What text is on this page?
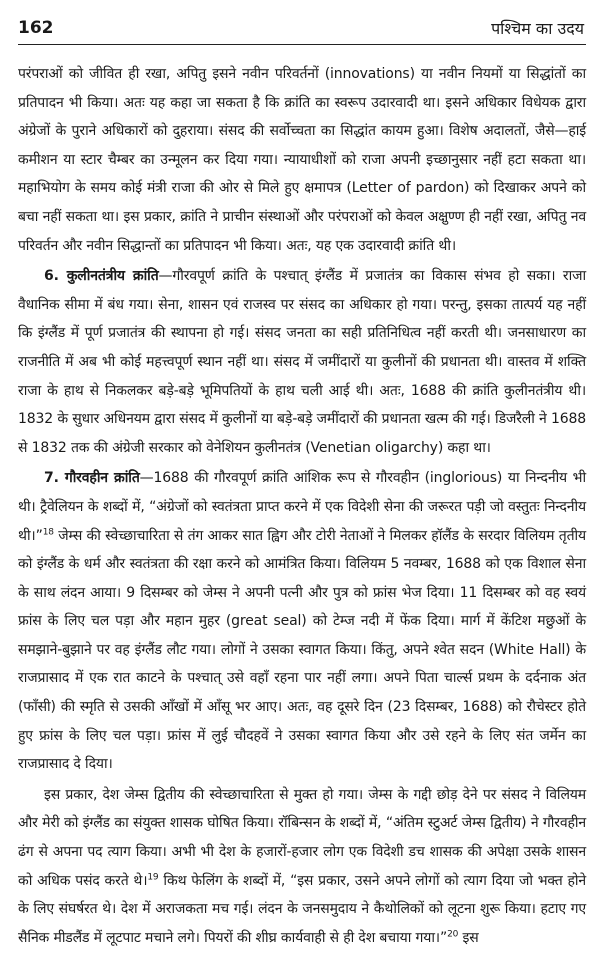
162	पश्चिम का उदय

परंपराओं को जीवित ही रखा, अपितु इसने नवीन परिवर्तनों (innovations) या नवीन नियमों या सिद्धांतों का प्रतिपादन भी किया। अतः यह कहा जा सकता है कि क्रांति का स्वरूप उदारवादी था। इसने अधिकार विधेयक द्वारा अंग्रेजों के पुराने अधिकारों को दुहराया। संसद की सर्वोच्चता का सिद्धांत कायम हुआ। विशेष अदालतों, जैसे—हाई कमीशन या स्टार चैम्बर का उन्मूलन कर दिया गया। न्यायाधीशों को राजा अपनी इच्छानुसार नहीं हटा सकता था। महाभियोग के समय कोई मंत्री राजा की ओर से मिले हुए क्षमापत्र (Letter of pardon) को दिखाकर अपने को बचा नहीं सकता था। इस प्रकार, क्रांति ने प्राचीन संस्थाओं और परंपराओं को केवल अक्षुण्ण ही नहीं रखा, अपितु नव परिवर्तन और नवीन सिद्धान्तों का प्रतिपादन भी किया। अतः, यह एक उदारवादी क्रांति थी।

6. कुलीनतंत्रीय क्रांति—गौरवपूर्ण क्रांति के पश्चात् इंग्लैंड में प्रजातंत्र का विकास संभव हो सका। राजा वैधानिक सीमा में बंध गया। सेना, शासन एवं राजस्व पर संसद का अधिकार हो गया। परन्तु, इसका तात्पर्य यह नहीं कि इंग्लैंड में पूर्ण प्रजातंत्र की स्थापना हो गई। संसद जनता का सही प्रतिनिधित्व नहीं करती थी। जनसाधारण का राजनीति में अब भी कोई महत्त्वपूर्ण स्थान नहीं था। संसद में जमींदारों या कुलीनों की प्रधानता थी। वास्तव में शक्ति राजा के हाथ से निकलकर बड़े-बड़े भूमिपतियों के हाथ चली आई थी। अतः, 1688 की क्रांति कुलीनतंत्रीय थी। 1832 के सुधार अधिनयम द्वारा संसद में कुलीनों या बड़े-बड़े जमींदारों की प्रधानता खत्म की गई। डिजरैली ने 1688 से 1832 तक की अंग्रेजी सरकार को वेनेशियन कुलीनतंत्र (Venetian oligarchy) कहा था।

7. गौरवहीन क्रांति—1688 की गौरवपूर्ण क्रांति आंशिक रूप से गौरवहीन (inglorious) या निन्दनीय भी थी। ट्रैवेलियन के शब्दों में, “अंग्रेजों को स्वतंत्रता प्राप्त करने में एक विदेशी सेना की जरूरत पड़ी जो वस्तुतः निन्दनीय थी।”$^{18}$ जेम्स की स्वेच्छाचारिता से तंग आकर सात ह्विग और टोरी नेताओं ने मिलकर हॉलैंड के सरदार विलियम तृतीय को इंग्लैंड के धर्म और स्वतंत्रता की रक्षा करने को आमंत्रित किया। विलियम 5 नवम्बर, 1688 को एक विशाल सेना के साथ लंदन आया। 9 दिसम्बर को जेम्स ने अपनी पत्नी और पुत्र को फ्रांस भेज दिया। 11 दिसम्बर को वह स्वयं फ्रांस के लिए चल पड़ा और महान मुहर (great seal) को टेम्ज नदी में फेंक दिया। मार्ग में केंटिश मछुओं के समझाने-बुझाने पर वह इंग्लैंड लौट गया। लोगों ने उसका स्वागत किया। किंतु, अपने श्वेत सदन (White Hall) के राजप्रासाद में एक रात काटने के पश्चात् उसे वहाँ रहना पार नहीं लगा। अपने पिता चार्ल्स प्रथम के दर्दनाक अंत (फाँसी) की स्मृति से उसकी आँखों में आँसू भर आए। अतः, वह दूसरे दिन (23 दिसम्बर, 1688) को रौचेस्टर होते हुए फ्रांस के लिए चल पड़ा। फ्रांस में लुई चौदहवें ने उसका स्वागत किया और उसे रहने के लिए संत जर्मेन का राजप्रासाद दे दिया।

इस प्रकार, देश जेम्स द्वितीय की स्वेच्छाचारिता से मुक्त हो गया। जेम्स के गद्दी छोड़ देने पर संसद ने विलियम और मेरी को इंग्लैंड का संयुक्त शासक घोषित किया। रॉबिन्सन के शब्दों में, “अंतिम स्टुअर्ट जेम्स द्वितीय) ने गौरवहीन ढंग से अपना पद त्याग किया। अभी भी देश के हजारों-हजार लोग एक विदेशी डच शासक की अपेक्षा उसके शासन को अधिक पसंद करते थे।$^{19}$ किथ फेलिंग के शब्दों में, “इस प्रकार, उसने अपने लोगों को त्याग दिया जो भक्त होने के लिए संघर्षरत थे। देश में अराजकता मच गई। लंदन के जनसमुदाय ने कैथोलिकों को लूटना शुरू किया। हटाए गए सैनिक मीडलैंड में लूटपाट मचाने लगे। पियरों की शीघ्र कार्यवाही से ही देश बचाया गया।”$^{20}$ इस
